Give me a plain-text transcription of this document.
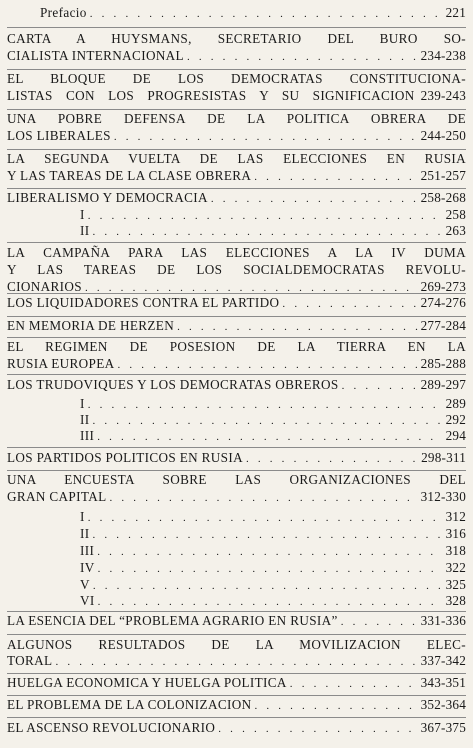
Prefacio . . .	221
CARTA A HUYSMANS, SECRETARIO DEL BURO SO-
CIALISTA INTERNACIONAL . . .	234-238
EL BLOQUE DE LOS DEMOCRATAS CONSTITUCIONA-
LISTAS CON LOS PROGRESISTAS Y SU SIGNIFICACION 239-243
UNA POBRE DEFENSA DE LA POLITICA OBRERA DE
LOS LIBERALES . . .	244-250
LA SEGUNDA VUELTA DE LAS ELECCIONES EN RUSIA
Y LAS TAREAS DE LA CLASE OBRERA . . .	251-257
LIBERALISMO Y DEMOCRACIA . . .	258-268
I . . .	258
II . . .	263
LA CAMPAÑA PARA LAS ELECCIONES A LA IV DUMA
Y LAS TAREAS DE LOS SOCIALDEMOCRATAS REVOLU-
CIONARIOS . . .	269-273
LOS LIQUIDADORES CONTRA EL PARTIDO . . .	274-276
EN MEMORIA DE HERZEN . . .	277-284
EL REGIMEN DE POSESION DE LA TIERRA EN LA
RUSIA EUROPEA . . .	285-288
LOS TRUDOVIQUES Y LOS DEMOCRATAS OBREROS . . .	289-297
I . . .	289
II . . .	292
III . . .	294
LOS PARTIDOS POLITICOS EN RUSIA . . .	298-311
UNA ENCUESTA SOBRE LAS ORGANIZACIONES DEL
GRAN CAPITAL . . .	312-330
I . . .	312
II . . .	316
III . . .	318
IV . . .	322
V . . .	325
VI . . .	328
LA ESENCIA DEL “PROBLEMA AGRARIO EN RUSIA” . . .	331-336
ALGUNOS RESULTADOS DE LA MOVILIZACION ELEC-
TORAL . . .	337-342
HUELGA ECONOMICA Y HUELGA POLITICA . . .	343-351
EL PROBLEMA DE LA COLONIZACION . . .	352-364
EL ASCENSO REVOLUCIONARIO . . .	367-375
